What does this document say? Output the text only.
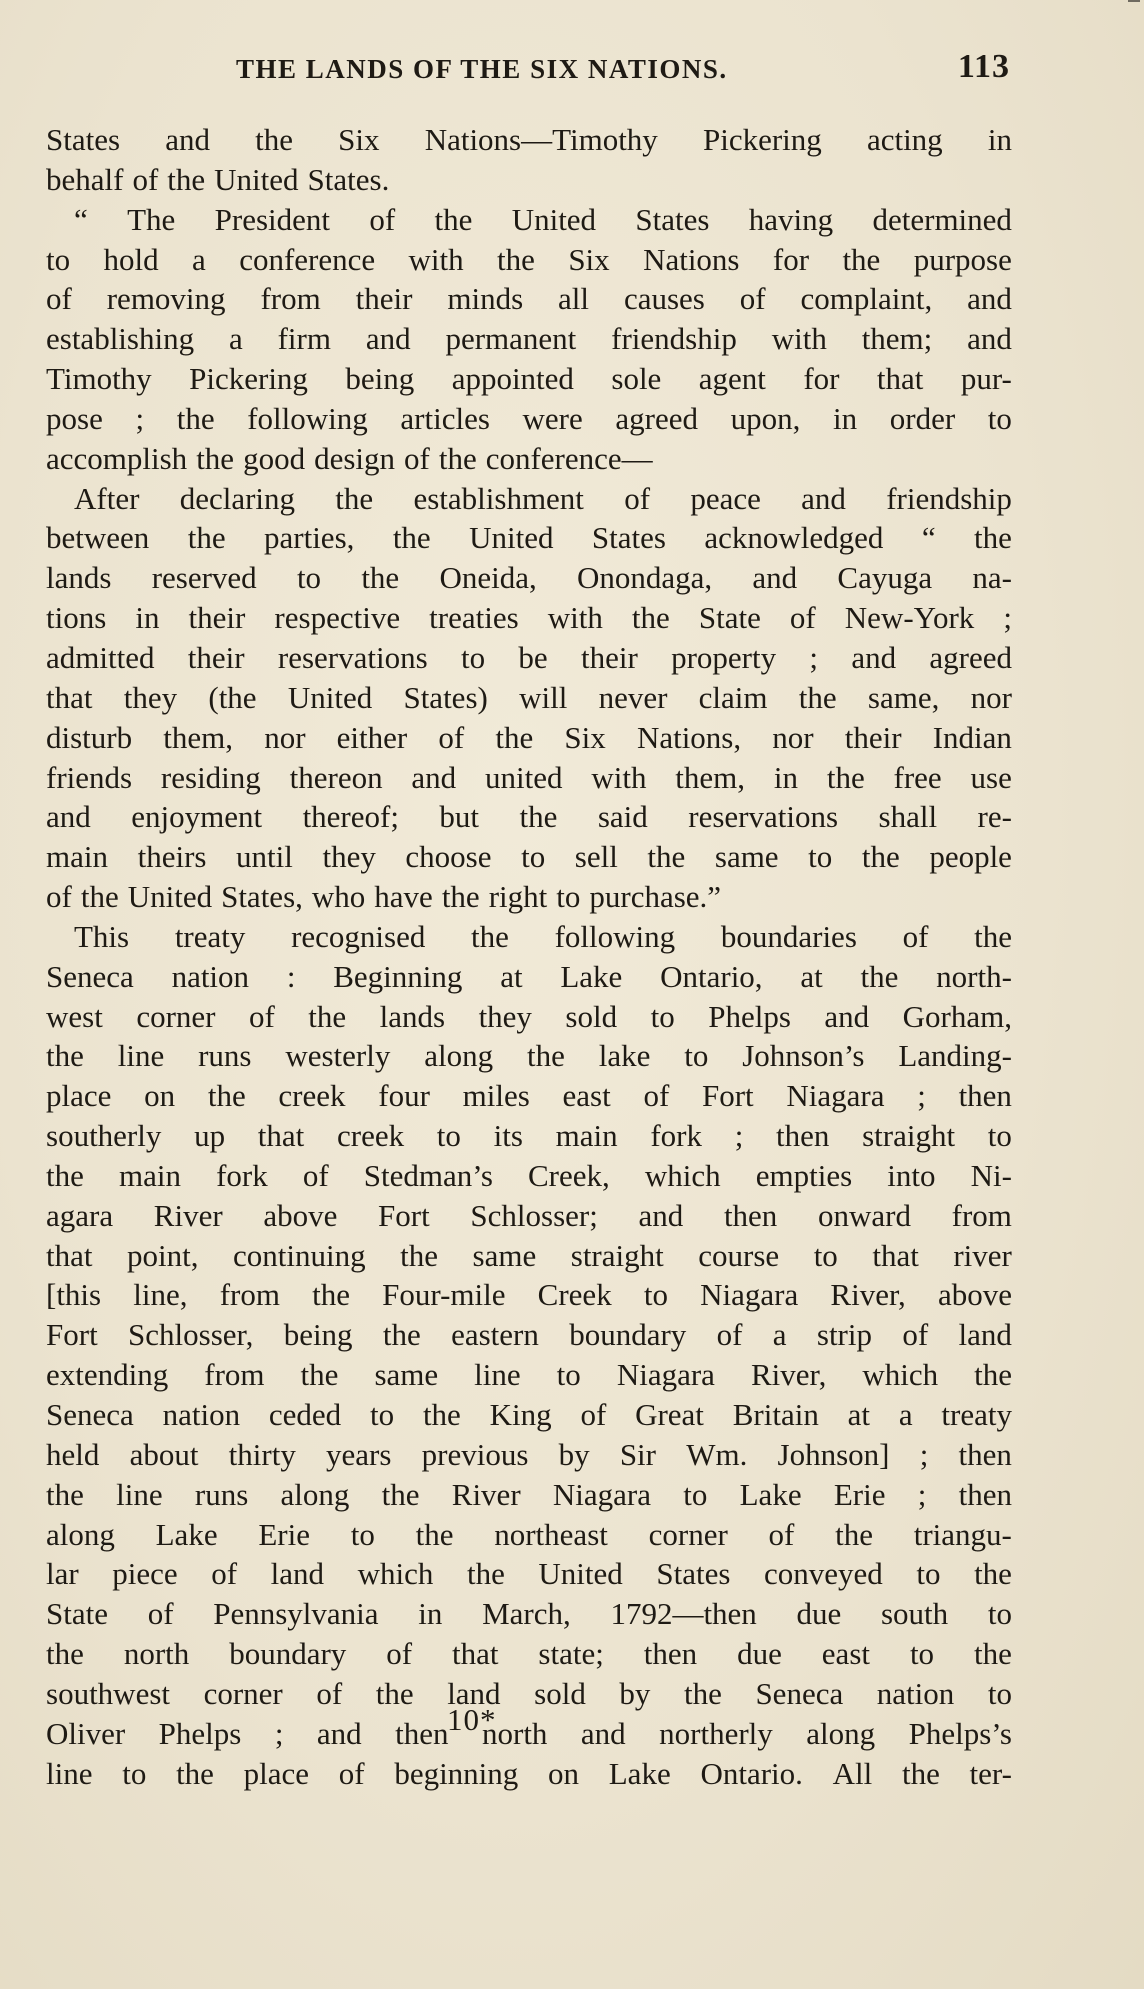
THE LANDS OF THE SIX NATIONS.	113
States and the Six Nations—Timothy Pickering acting in
behalf of the United States.
“ The President of the United States having determined
to hold a conference with the Six Nations for the purpose
of removing from their minds all causes of complaint, and
establishing a firm and permanent friendship with them; and
Timothy Pickering being appointed sole agent for that pur-
pose ; the following articles were agreed upon, in order to
accomplish the good design of the conference—
After declaring the establishment of peace and friendship
between the parties, the United States acknowledged “ the
lands reserved to the Oneida, Onondaga, and Cayuga na-
tions in their respective treaties with the State of New-York ;
admitted their reservations to be their property ; and agreed
that they (the United States) will never claim the same, nor
disturb them, nor either of the Six Nations, nor their Indian
friends residing thereon and united with them, in the free use
and enjoyment thereof; but the said reservations shall re-
main theirs until they choose to sell the same to the people
of the United States, who have the right to purchase.”
This treaty recognised the following boundaries of the
Seneca nation : Beginning at Lake Ontario, at the north-
west corner of the lands they sold to Phelps and Gorham,
the line runs westerly along the lake to Johnson’s Landing-
place on the creek four miles east of Fort Niagara ; then
southerly up that creek to its main fork ; then straight to
the main fork of Stedman’s Creek, which empties into Ni-
agara River above Fort Schlosser; and then onward from
that point, continuing the same straight course to that river
[this line, from the Four-mile Creek to Niagara River, above
Fort Schlosser, being the eastern boundary of a strip of land
extending from the same line to Niagara River, which the
Seneca nation ceded to the King of Great Britain at a treaty
held about thirty years previous by Sir Wm. Johnson] ; then
the line runs along the River Niagara to Lake Erie ; then
along Lake Erie to the northeast corner of the triangu-
lar piece of land which the United States conveyed to the
State of Pennsylvania in March, 1792—then due south to
the north boundary of that state; then due east to the
southwest corner of the land sold by the Seneca nation to
Oliver Phelps ; and then north and northerly along Phelps’s
line to the place of beginning on Lake Ontario. All the ter-
10*
